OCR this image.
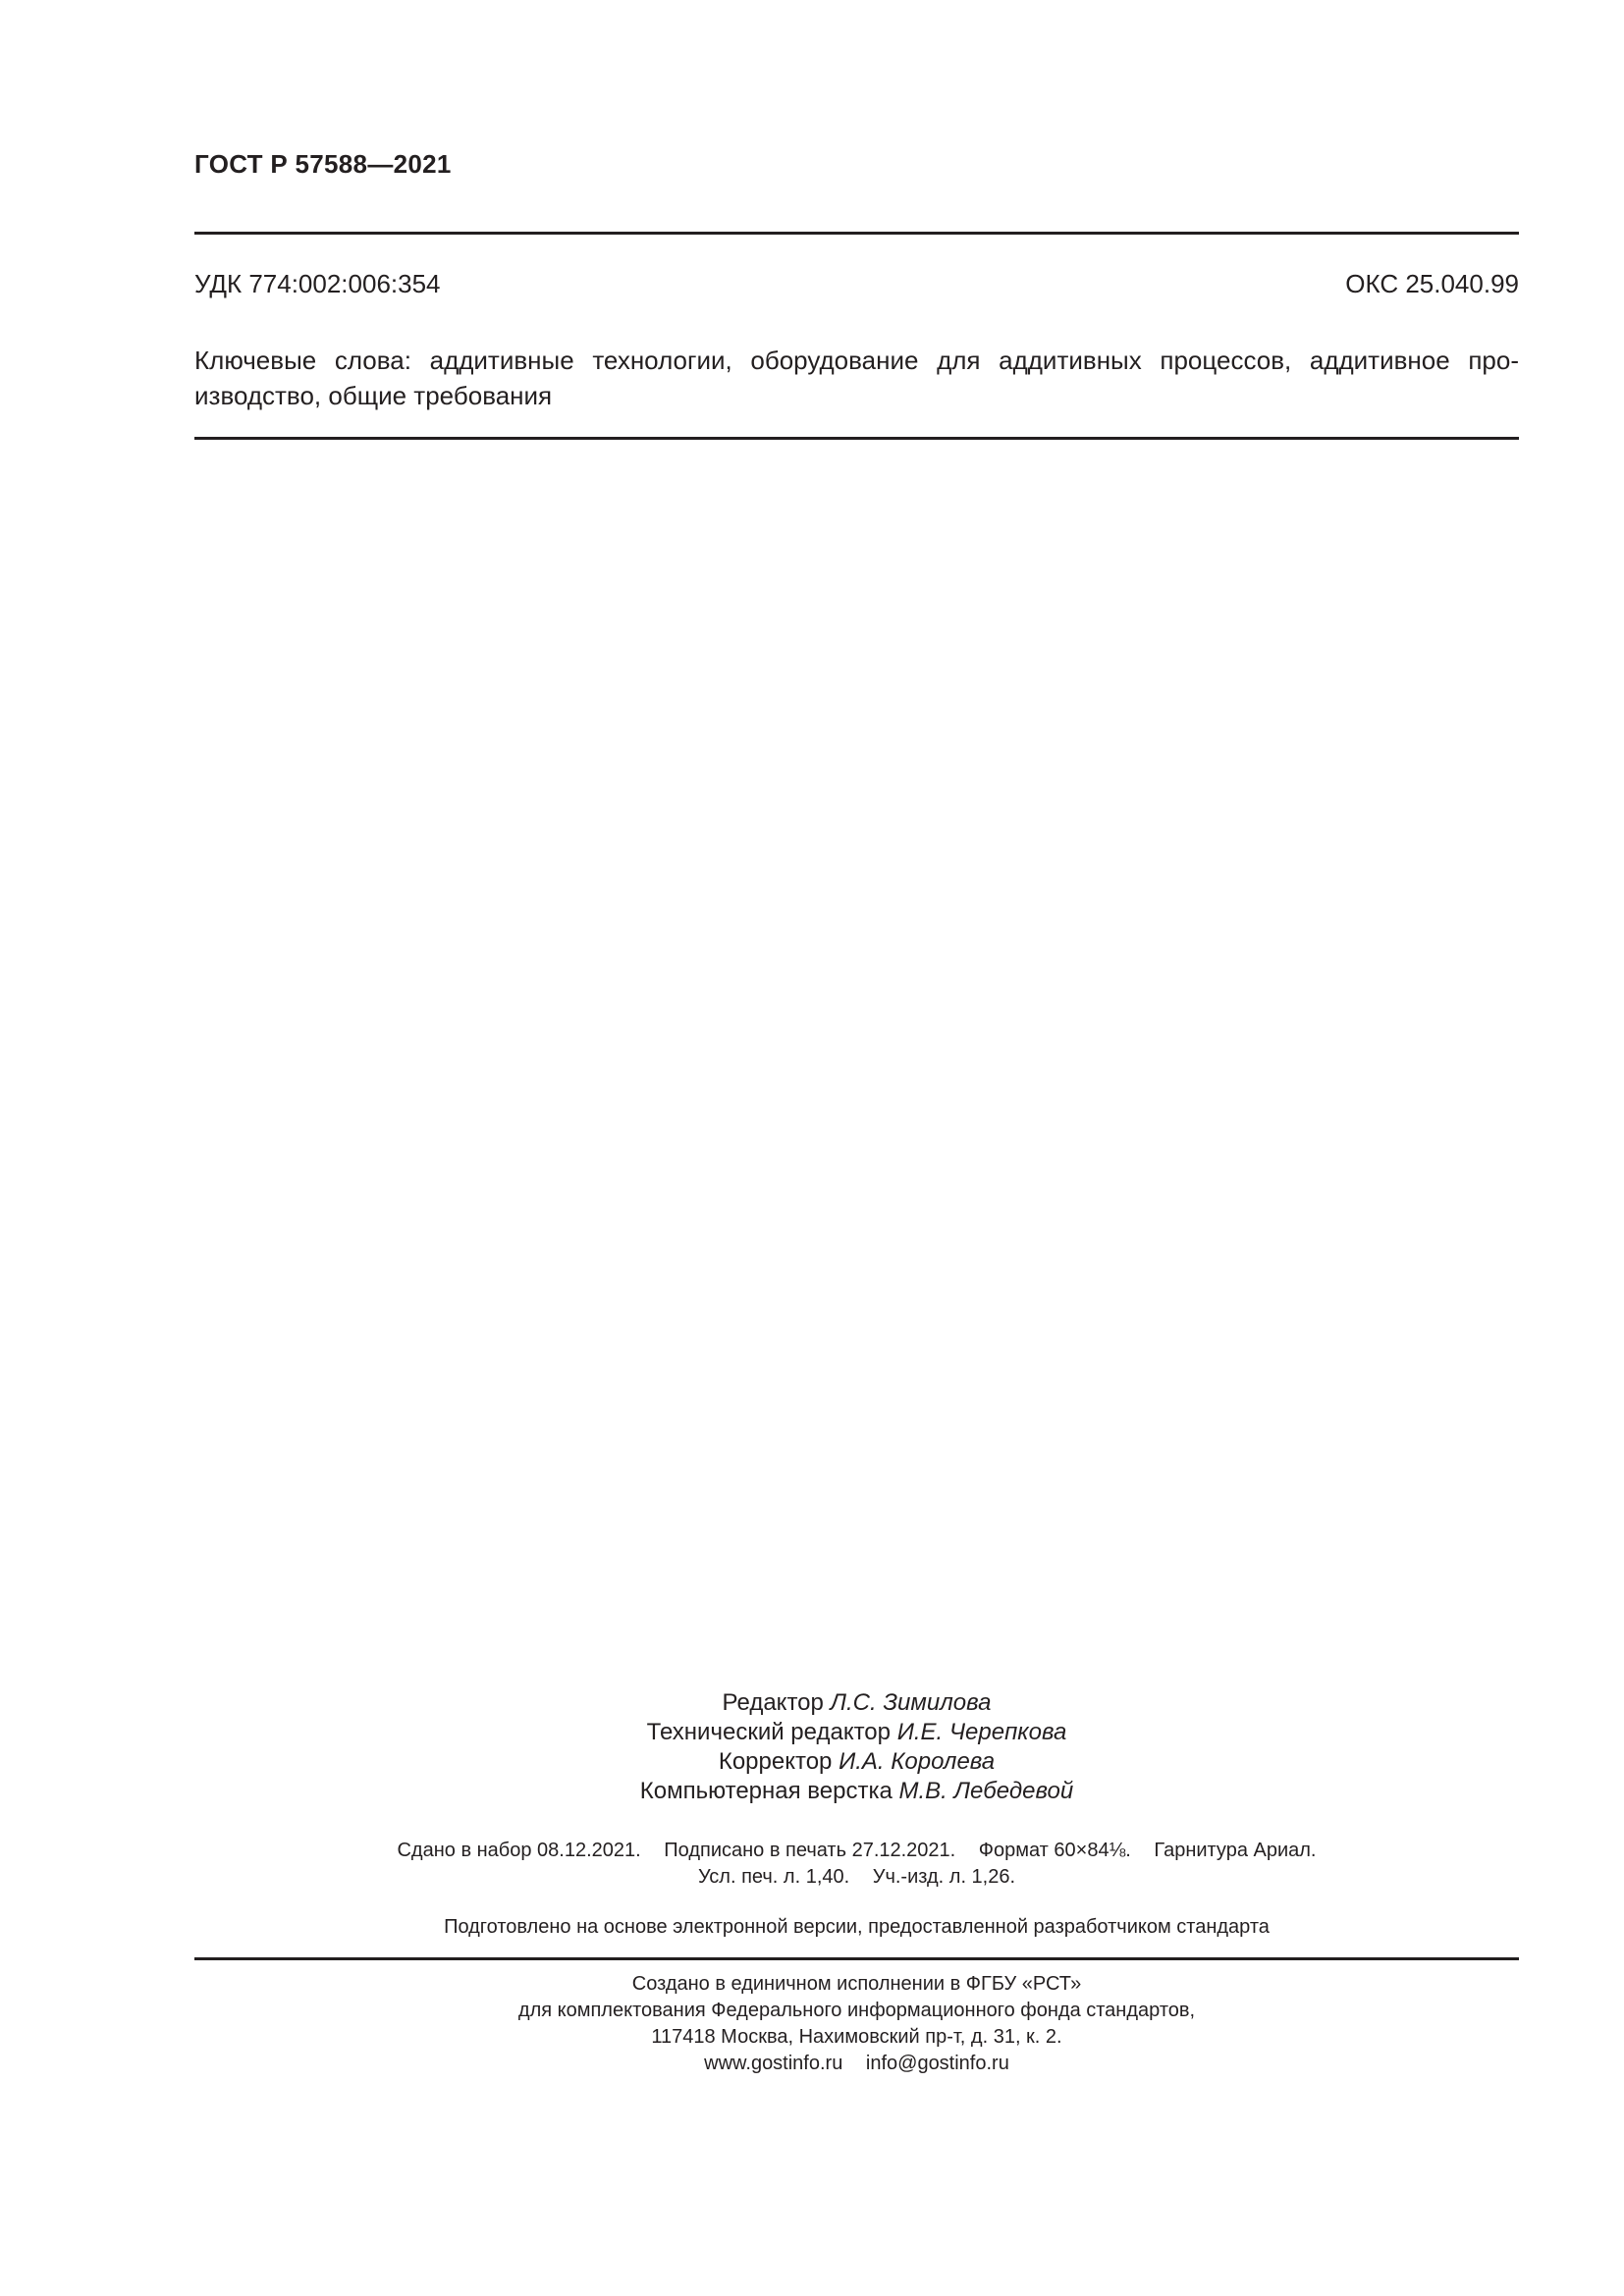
ГОСТ Р 57588—2021
УДК 774:002:006:354	ОКС 25.040.99
Ключевые слова: аддитивные технологии, оборудование для аддитивных процессов, аддитивное про-
изводство, общие требования
Редактор Л.С. Зимилова
Технический редактор И.Е. Черепкова
Корректор И.А. Королева
Компьютерная верстка М.В. Лебедевой
Сдано в набор 08.12.2021. Подписано в печать 27.12.2021. Формат 60×84⅛. Гарнитура Ариал.
Усл. печ. л. 1,40. Уч.-изд. л. 1,26.
Подготовлено на основе электронной версии, предоставленной разработчиком стандарта
Создано в единичном исполнении в ФГБУ «РСТ»
для комплектования Федерального информационного фонда стандартов,
117418 Москва, Нахимовский пр-т, д. 31, к. 2.
www.gostinfo.ru info@gostinfo.ru
